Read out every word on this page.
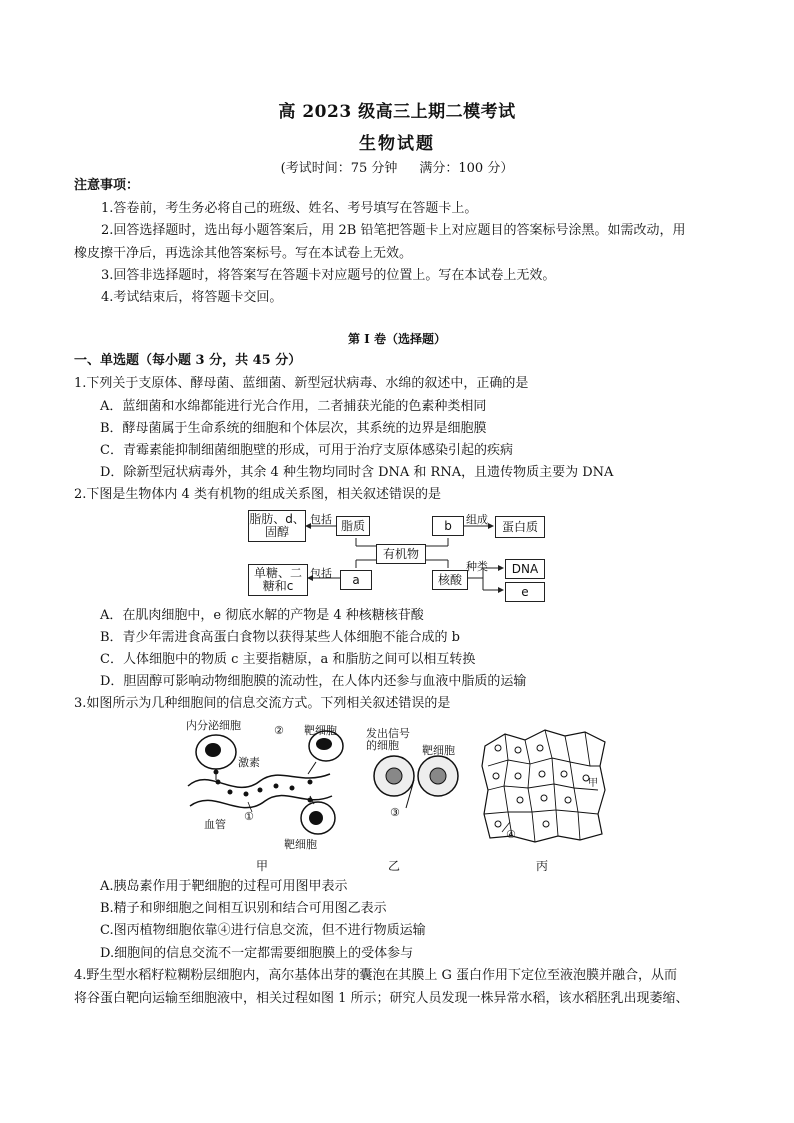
高 2023 级高三上期二模考试
生物试题
(考试时间：75 分钟 满分：100 分）
注意事项：
1.答卷前，考生务必将自己的班级、姓名、考号填写在答题卡上。
2.回答选择题时，选出每小题答案后，用 2B 铅笔把答题卡上对应题目的答案标号涂黑。如需改动，用
橡皮擦干净后，再选涂其他答案标号。写在本试卷上无效。
3.回答非选择题时，将答案写在答题卡对应题号的位置上。写在本试卷上无效。
4.考试结束后，将答题卡交回。
第 I 卷（选择题）
一、单选题（每小题 3 分，共 45 分）
1.下列关于支原体、酵母菌、蓝细菌、新型冠状病毒、水绵的叙述中，正确的是
A．蓝细菌和水绵都能进行光合作用，二者捕获光能的色素种类相同
B．酵母菌属于生命系统的细胞和个体层次，其系统的边界是细胞膜
C．青霉素能抑制细菌细胞壁的形成，可用于治疗支原体感染引起的疾病
D．除新型冠状病毒外，其余 4 种生物均同时含 DNA 和 RNA，且遗传物质主要为 DNA
2.下图是生物体内 4 类有机物的组成关系图，相关叙述错误的是
脂肪、d、
固醇
包括 脂质	b	组成	蛋白质
有机物
单糖、二
糖和c
包括	a	核酸
种类	DNA
e
A．在肌肉细胞中，e 彻底水解的产物是 4 种核糖核苷酸
B．青少年需进食高蛋白食物以获得某些人体细胞不能合成的 b
C．人体细胞中的物质 c 主要指糖原，a 和脂肪之间可以相互转换
D．胆固醇可影响动物细胞膜的流动性，在人体内还参与血液中脂质的运输
3.如图所示为几种细胞间的信息交流方式。下列相关叙述错误的是
内分泌细胞	② 靶细胞
激素
血管
①
靶细胞
发出信号
的细胞	靶细胞
③
甲
④
甲	乙	丙
A.胰岛素作用于靶细胞的过程可用图甲表示
B.精子和卵细胞之间相互识别和结合可用图乙表示
C.图丙植物细胞依靠④进行信息交流，但不进行物质运输
D.细胞间的信息交流不一定都需要细胞膜上的受体参与
4.野生型水稻籽粒糊粉层细胞内，高尔基体出芽的囊泡在其膜上 G 蛋白作用下定位至液泡膜并融合，从而
将谷蛋白靶向运输至细胞液中，相关过程如图 1 所示；研究人员发现一株异常水稻，该水稻胚乳出现萎缩、
